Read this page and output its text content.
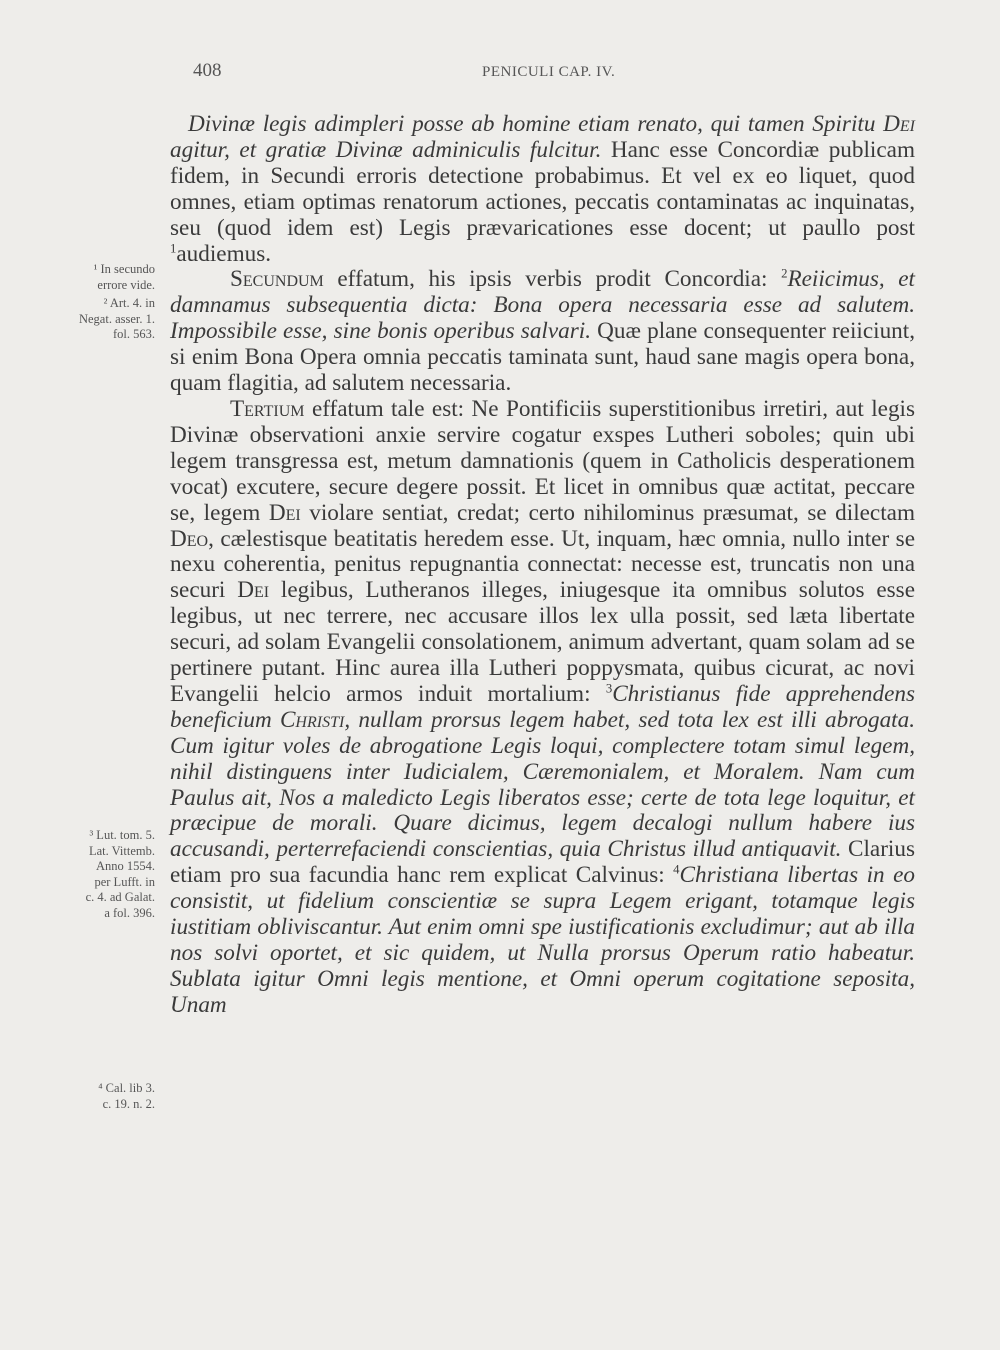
408	PENICULI CAP. IV.
¹ In secundo
errore vide.
² Art. 4. in
Negat. asser. 1.
fol. 563.
³ Lut. tom. 5.
Lat. Vittemb.
Anno 1554.
per Lufft. in
c. 4. ad Galat.
a fol. 396.
⁴ Cal. lib 3.
c. 19. n. 2.

Divinæ legis adimpleri posse ab homine etiam renato, qui tamen Spiritu Dei agitur, et gratiæ Divinæ adminiculis fulcitur. Hanc esse Concordiæ publicam fidem, in Secundi erroris detectione probabimus. Et vel ex eo liquet, quod omnes, etiam optimas renatorum actiones, peccatis contaminatas ac inquinatas, seu (quod idem est) Legis prævaricationes esse docent; ut paullo post $^1$audiemus.

Secundum effatum, his ipsis verbis prodit Concordia: $^2$Reiicimus, et damnamus subsequentia dicta: Bona opera necessaria esse ad salutem. Impossibile esse, sine bonis operibus salvari. Quæ plane consequenter reiiciunt, si enim Bona Opera omnia peccatis taminata sunt, haud sane magis opera bona, quam flagitia, ad salutem necessaria.

Tertium effatum tale est: Ne Pontificiis superstitionibus irretiri, aut legis Divinæ observationi anxie servire cogatur exspes Lutheri soboles; quin ubi legem transgressa est, metum damnationis (quem in Catholicis desperationem vocat) excutere, secure degere possit. Et licet in omnibus quæ actitat, peccare se, legem Dei violare sentiat, credat; certo nihilominus præsumat, se dilectam Deo, cælestisque beatitatis heredem esse. Ut, inquam, hæc omnia, nullo inter se nexu coherentia, penitus repugnantia connectat: necesse est, truncatis non una securi Dei legibus, Lutheranos illeges, iniugesque ita omnibus solutos esse legibus, ut nec terrere, nec accusare illos lex ulla possit, sed læta libertate securi, ad solam Evangelii consolationem, animum advertant, quam solam ad se pertinere putant. Hinc aurea illa Lutheri poppysmata, quibus cicurat, ac novi Evangelii helcio armos induit mortalium: $^3$Christianus fide apprehendens beneficium Christi, nullam prorsus legem habet, sed tota lex est illi abrogata. Cum igitur voles de abrogatione Legis loqui, complectere totam simul legem, nihil distinguens inter Iudicialem, Cæremonialem, et Moralem. Nam cum Paulus ait, Nos a maledicto Legis liberatos esse; certe de tota lege loquitur, et præcipue de morali. Quare dicimus, legem decalogi nullum habere ius accusandi, perterrefaciendi conscientias, quia Christus illud antiquavit. Clarius etiam pro sua facundia hanc rem explicat Calvinus: $^4$Christiana libertas in eo consistit, ut fidelium conscientiæ se supra Legem erigant, totamque legis iustitiam obliviscantur. Aut enim omni spe iustificationis excludimur; aut ab illa nos solvi oportet, et sic quidem, ut Nulla prorsus Operum ratio habeatur. Sublata igitur Omni legis mentione, et Omni operum cogitatione seposita, Unam
